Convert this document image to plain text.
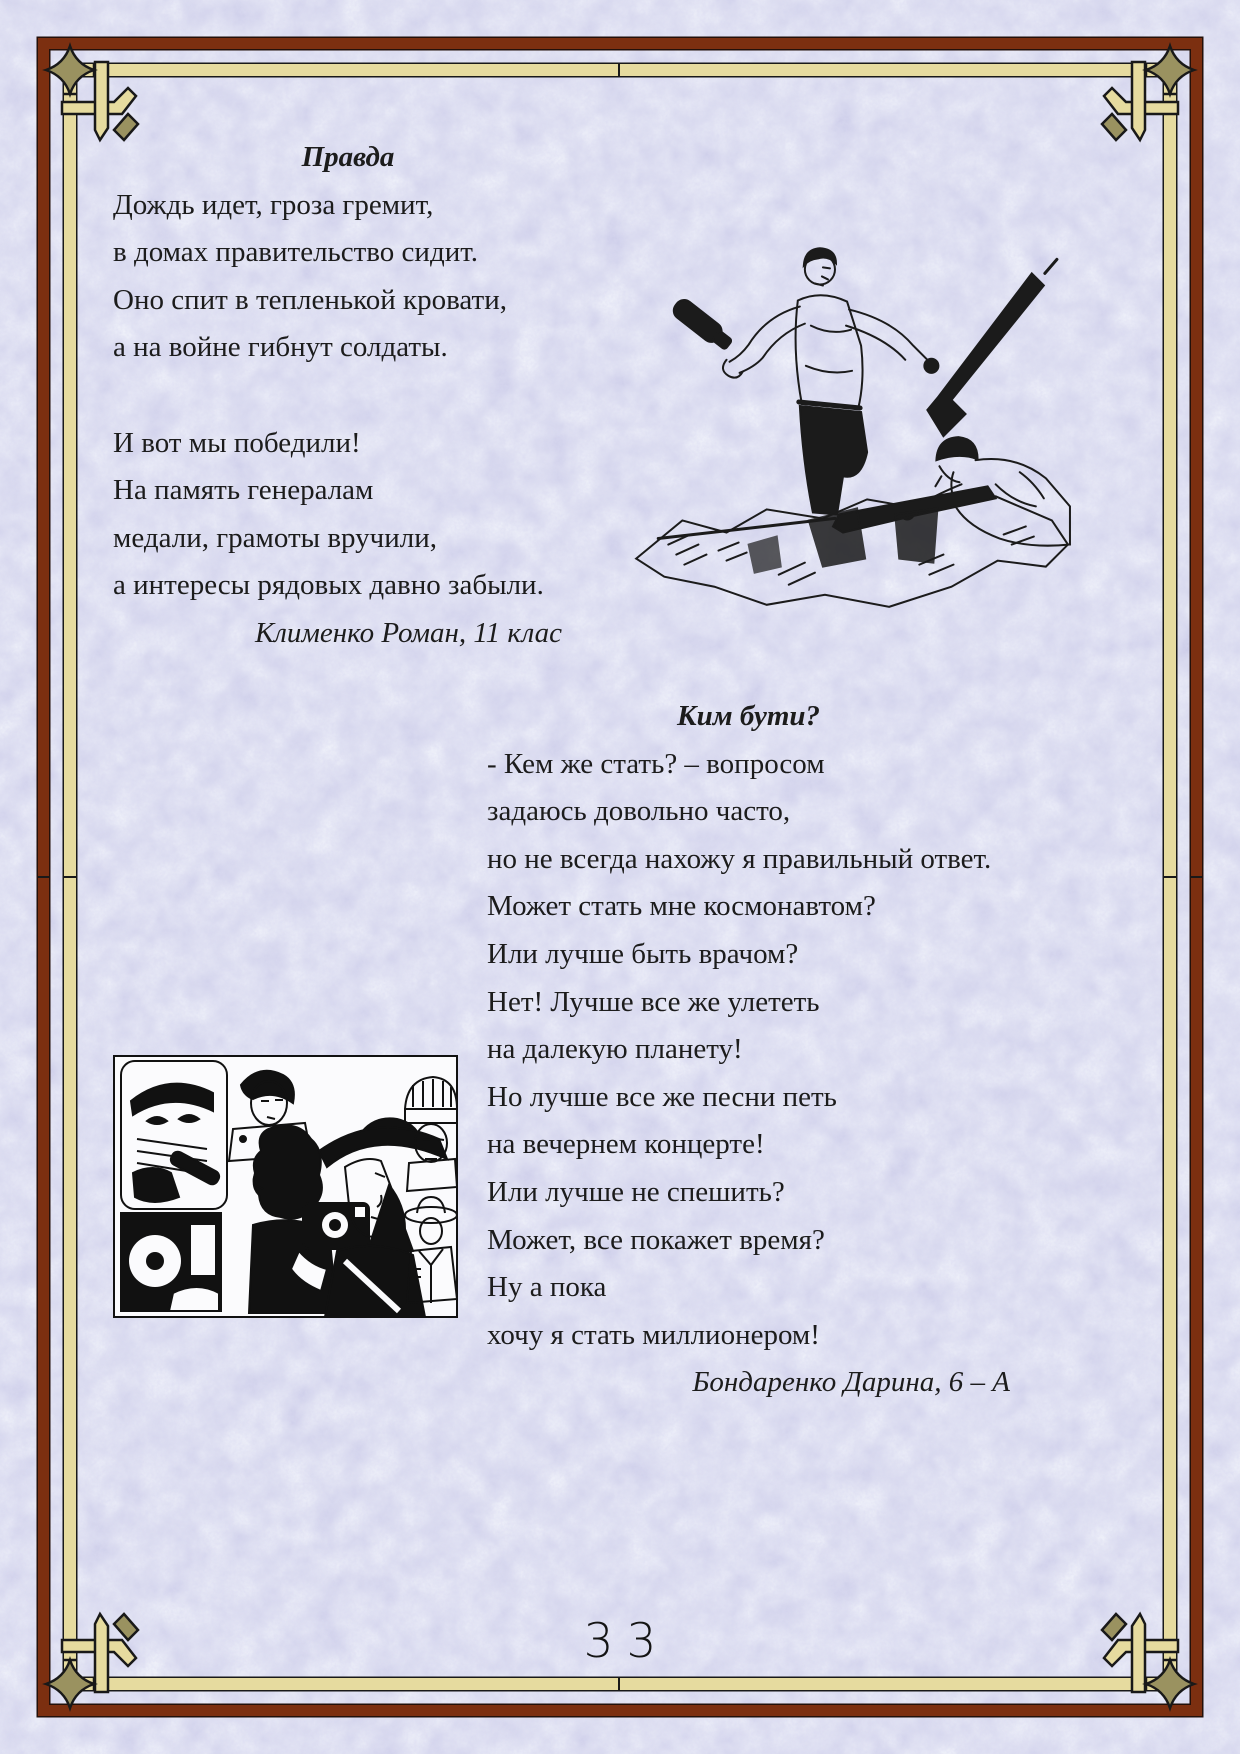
Правда
Дождь идет, гроза гремит,
в домах правительство сидит.
Оно спит в тепленькой кровати,
а на войне гибнут солдаты.
И вот мы победили!
На память генералам
медали, грамоты вручили,
а интересы рядовых давно забыли.
Клименко Роман, 11 клас
Ким бути?
- Кем же стать? – вопросом
задаюсь довольно часто,
но не всегда нахожу я правильный ответ.
Может стать мне космонавтом?
Или лучше быть врачом?
Нет! Лучше все же улететь
на далекую планету!
Но лучше все же песни петь
на вечернем концерте!
Или лучше не спешить?
Может, все покажет время?
Ну а пока
хочу я стать миллионером!
Бондаренко Дарина, 6 – А
33
